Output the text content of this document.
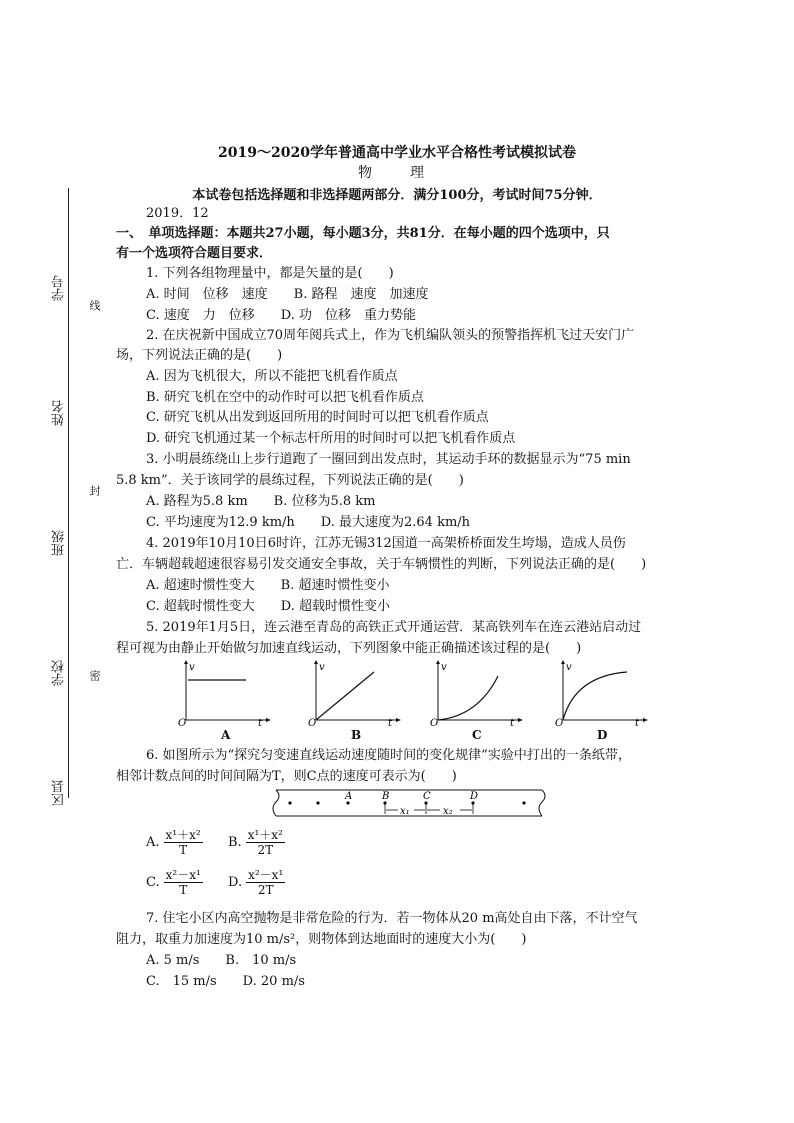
学号
姓名
班级
学校
区县
线
封
密
2019～2020学年普通高中学业水平合格性考试模拟试卷
物　理
本试卷包括选择题和非选择题两部分．满分100分，考试时间75分钟．
2019．12
一、　单项选择题：本题共27小题，每小题3分，共81分．在每小题的四个选项中，只
有一个选项符合题目要求．
1. 下列各组物理量中，都是矢量的是(　　)
A. 时间　位移　速度　　B. 路程　速度　加速度
C. 速度　力　位移　　D. 功　位移　重力势能
2. 在庆祝新中国成立70周年阅兵式上，作为飞机编队领头的预警指挥机飞过天安门广
场，下列说法正确的是(　　)
A. 因为飞机很大，所以不能把飞机看作质点
B. 研究飞机在空中的动作时可以把飞机看作质点
C. 研究飞机从出发到返回所用的时间时可以把飞机看作质点
D. 研究飞机通过某一个标志杆所用的时间时可以把飞机看作质点
3. 小明晨练绕山上步行道跑了一圈回到出发点时，其运动手环的数据显示为“75 min
5.8 km”．关于该同学的晨练过程，下列说法正确的是(　　)
A. 路程为5.8 km　　B. 位移为5.8 km
C. 平均速度为12.9 km/h　　D. 最大速度为2.64 km/h
4. 2019年10月10日6时许，江苏无锡312国道一高架桥桥面发生垮塌，造成人员伤
亡．车辆超载超速很容易引发交通安全事故，关于车辆惯性的判断，下列说法正确的是(　　)
A. 超速时惯性变大　　B. 超速时惯性变小
C. 超载时惯性变大　　D. 超载时惯性变小
5. 2019年1月5日，连云港至青岛的高铁正式开通运营．某高铁列车在连云港站启动过
程可视为由静止开始做匀加速直线运动，下列图象中能正确描述该过程的是(　　)
v
t
O
A
v
t
O
B
v
t
O
C
v
t
O
D
6. 如图所示为“探究匀变速直线运动速度随时间的变化规律”实验中打出的一条纸带，
相邻计数点间的时间间隔为T，则C点的速度可表示为(　　)
A	B	C	D
x₁	x₂
A. $\frac{\text{x¹＋x²}}{T} B$. $\frac{\text{x¹＋x²}}{2T}$
C. $\frac{\text{x²－x¹}}{T} D$. $\frac{\text{x²－x¹}}{2T}$
7. 住宅小区内高空抛物是非常危险的行为．若一物体从20 m高处自由下落，不计空气
阻力，取重力加速度为10 m/s²，则物体到达地面时的速度大小为(　　)
A. 5 m/s　　B.　10 m/s
C.　15 m/s　　D. 20 m/s
